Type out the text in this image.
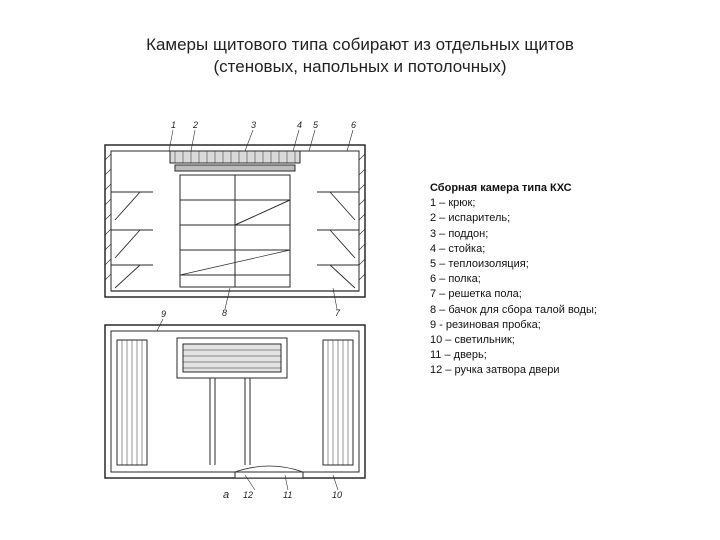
Камеры щитового типа собирают из отдельных щитов
(стеновых, напольных и потолочных)
1 2	3	4 5	6
8	7
9
а 12	11	10
Сборная камера типа КХС
1 – крюк;
2 – испаритель;
3 – поддон;
4 – стойка;
5 – теплоизоляция;
6 – полка;
7 – решетка пола;
8 – бачок для сбора талой воды;
9 - резиновая пробка;
10 – светильник;
11 – дверь;
12 – ручка затвора двери
